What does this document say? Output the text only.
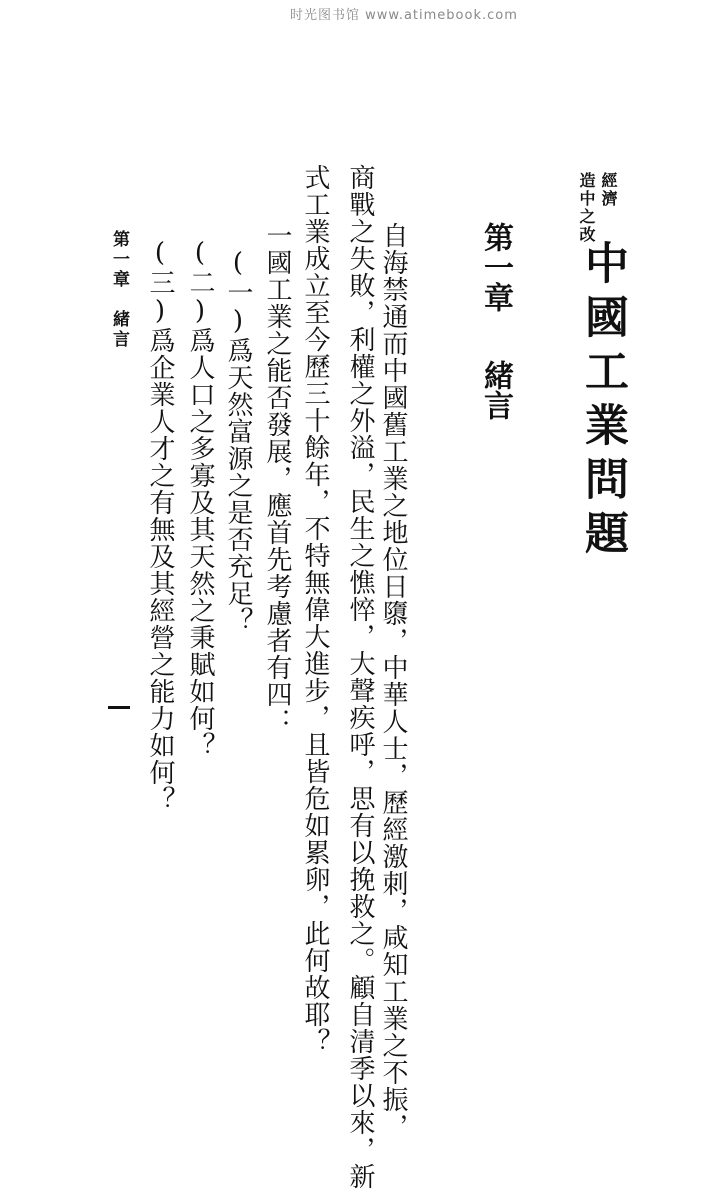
时光图书馆 www.atimebook.com
經濟
造中之改
中國工業問題
第一章緒言
自海禁通而中國舊工業之地位日隳，中華人士，歷經激刺，咸知工業之不振，
商戰之失敗，利權之外溢，民生之憔悴，大聲疾呼，思有以挽救之。顧自清季以來，新
式工業成立至今歷三十餘年，不特無偉大進步，且皆危如累卵，此何故耶？
一國工業之能否發展，應首先考慮者有四：
(一)爲天然富源之是否充足？
(二)爲人口之多寡及其天然之秉賦如何？
(三)爲企業人才之有無及其經營之能力如何？
第一章緒言
